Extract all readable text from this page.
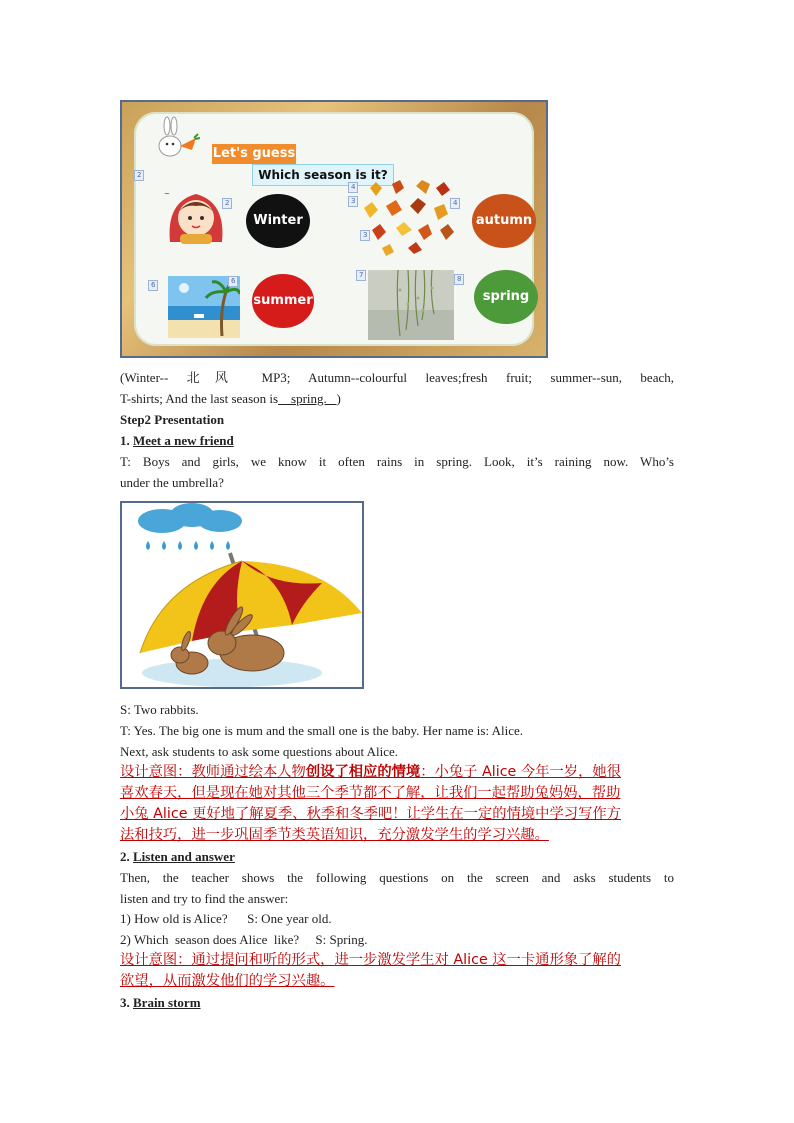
Let's guess
Which season is it?
~
Winter	autumn
summer	spring
2
2
4
3	4
3
6	6
7	8
(Winter-- 北风 MP3; Autumn--colourful leaves;fresh fruit; summer--sun, beach,
T-shirts; And the last season is    spring.   )
Step2 Presentation
1. Meet a new friend
T: Boys and girls, we know it often rains in spring. Look, it’s raining now. Who’s
under the umbrella?
S: Two rabbits.
T: Yes. The big one is mum and the small one is the baby. Her name is: Alice.
Next, ask students to ask some questions about Alice.
设计意图：教师通过绘本人物创设了相应的情境：小兔子 Alice 今年一岁，她很
喜欢春天，但是现在她对其他三个季节都不了解，让我们一起帮助兔妈妈，帮助
小兔 Alice 更好地了解夏季、秋季和冬季吧！让学生在一定的情境中学习写作方
法和技巧，进一步巩固季节类英语知识，充分激发学生的学习兴趣。
2. Listen and answer
Then, the teacher shows the following questions on the screen and asks students to
listen and try to find the answer:
1) How old is Alice?      S: One year old.
2) Which  season does Alice  like?     S: Spring.
设计意图：通过提问和听的形式，进一步激发学生对 Alice 这一卡通形象了解的
欲望，从而激发他们的学习兴趣。
3. Brain storm
